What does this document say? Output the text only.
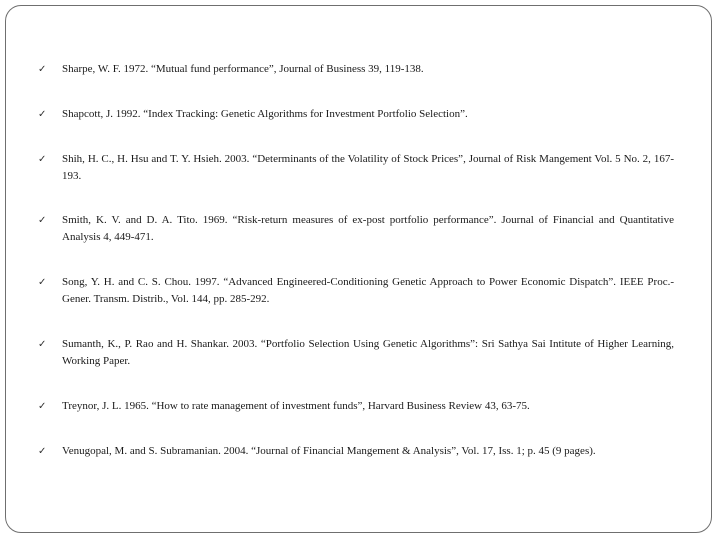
✓	Sharpe, W. F. 1972. “Mutual fund performance”, Journal of Business 39, 119-138.
✓	Shapcott, J. 1992. “Index Tracking: Genetic Algorithms for Investment Portfolio Selection”.
✓	Shih, H. C., H. Hsu and T. Y. Hsieh. 2003. “Determinants of the Volatility of Stock Prices”, Journal of Risk Mangement Vol. 5 No. 2, 167-193.
✓	Smith, K. V. and D. A. Tito. 1969. “Risk-return measures of ex-post portfolio performance”. Journal of Financial and Quantitative Analysis 4, 449-471.
✓	Song, Y. H. and C. S. Chou. 1997. “Advanced Engineered-Conditioning Genetic Approach to Power Economic Dispatch”. IEEE Proc.-Gener. Transm. Distrib., Vol. 144, pp. 285-292.
✓	Sumanth, K., P. Rao and H. Shankar. 2003. “Portfolio Selection Using Genetic Algorithms”: Sri Sathya Sai Intitute of Higher Learning, Working Paper.
✓	Treynor, J. L. 1965. “How to rate management of investment funds”, Harvard Business Review 43, 63-75.
✓	Venugopal, M. and S. Subramanian. 2004. “Journal of Financial Mangement & Analysis”, Vol. 17, Iss. 1; p. 45 (9 pages).
